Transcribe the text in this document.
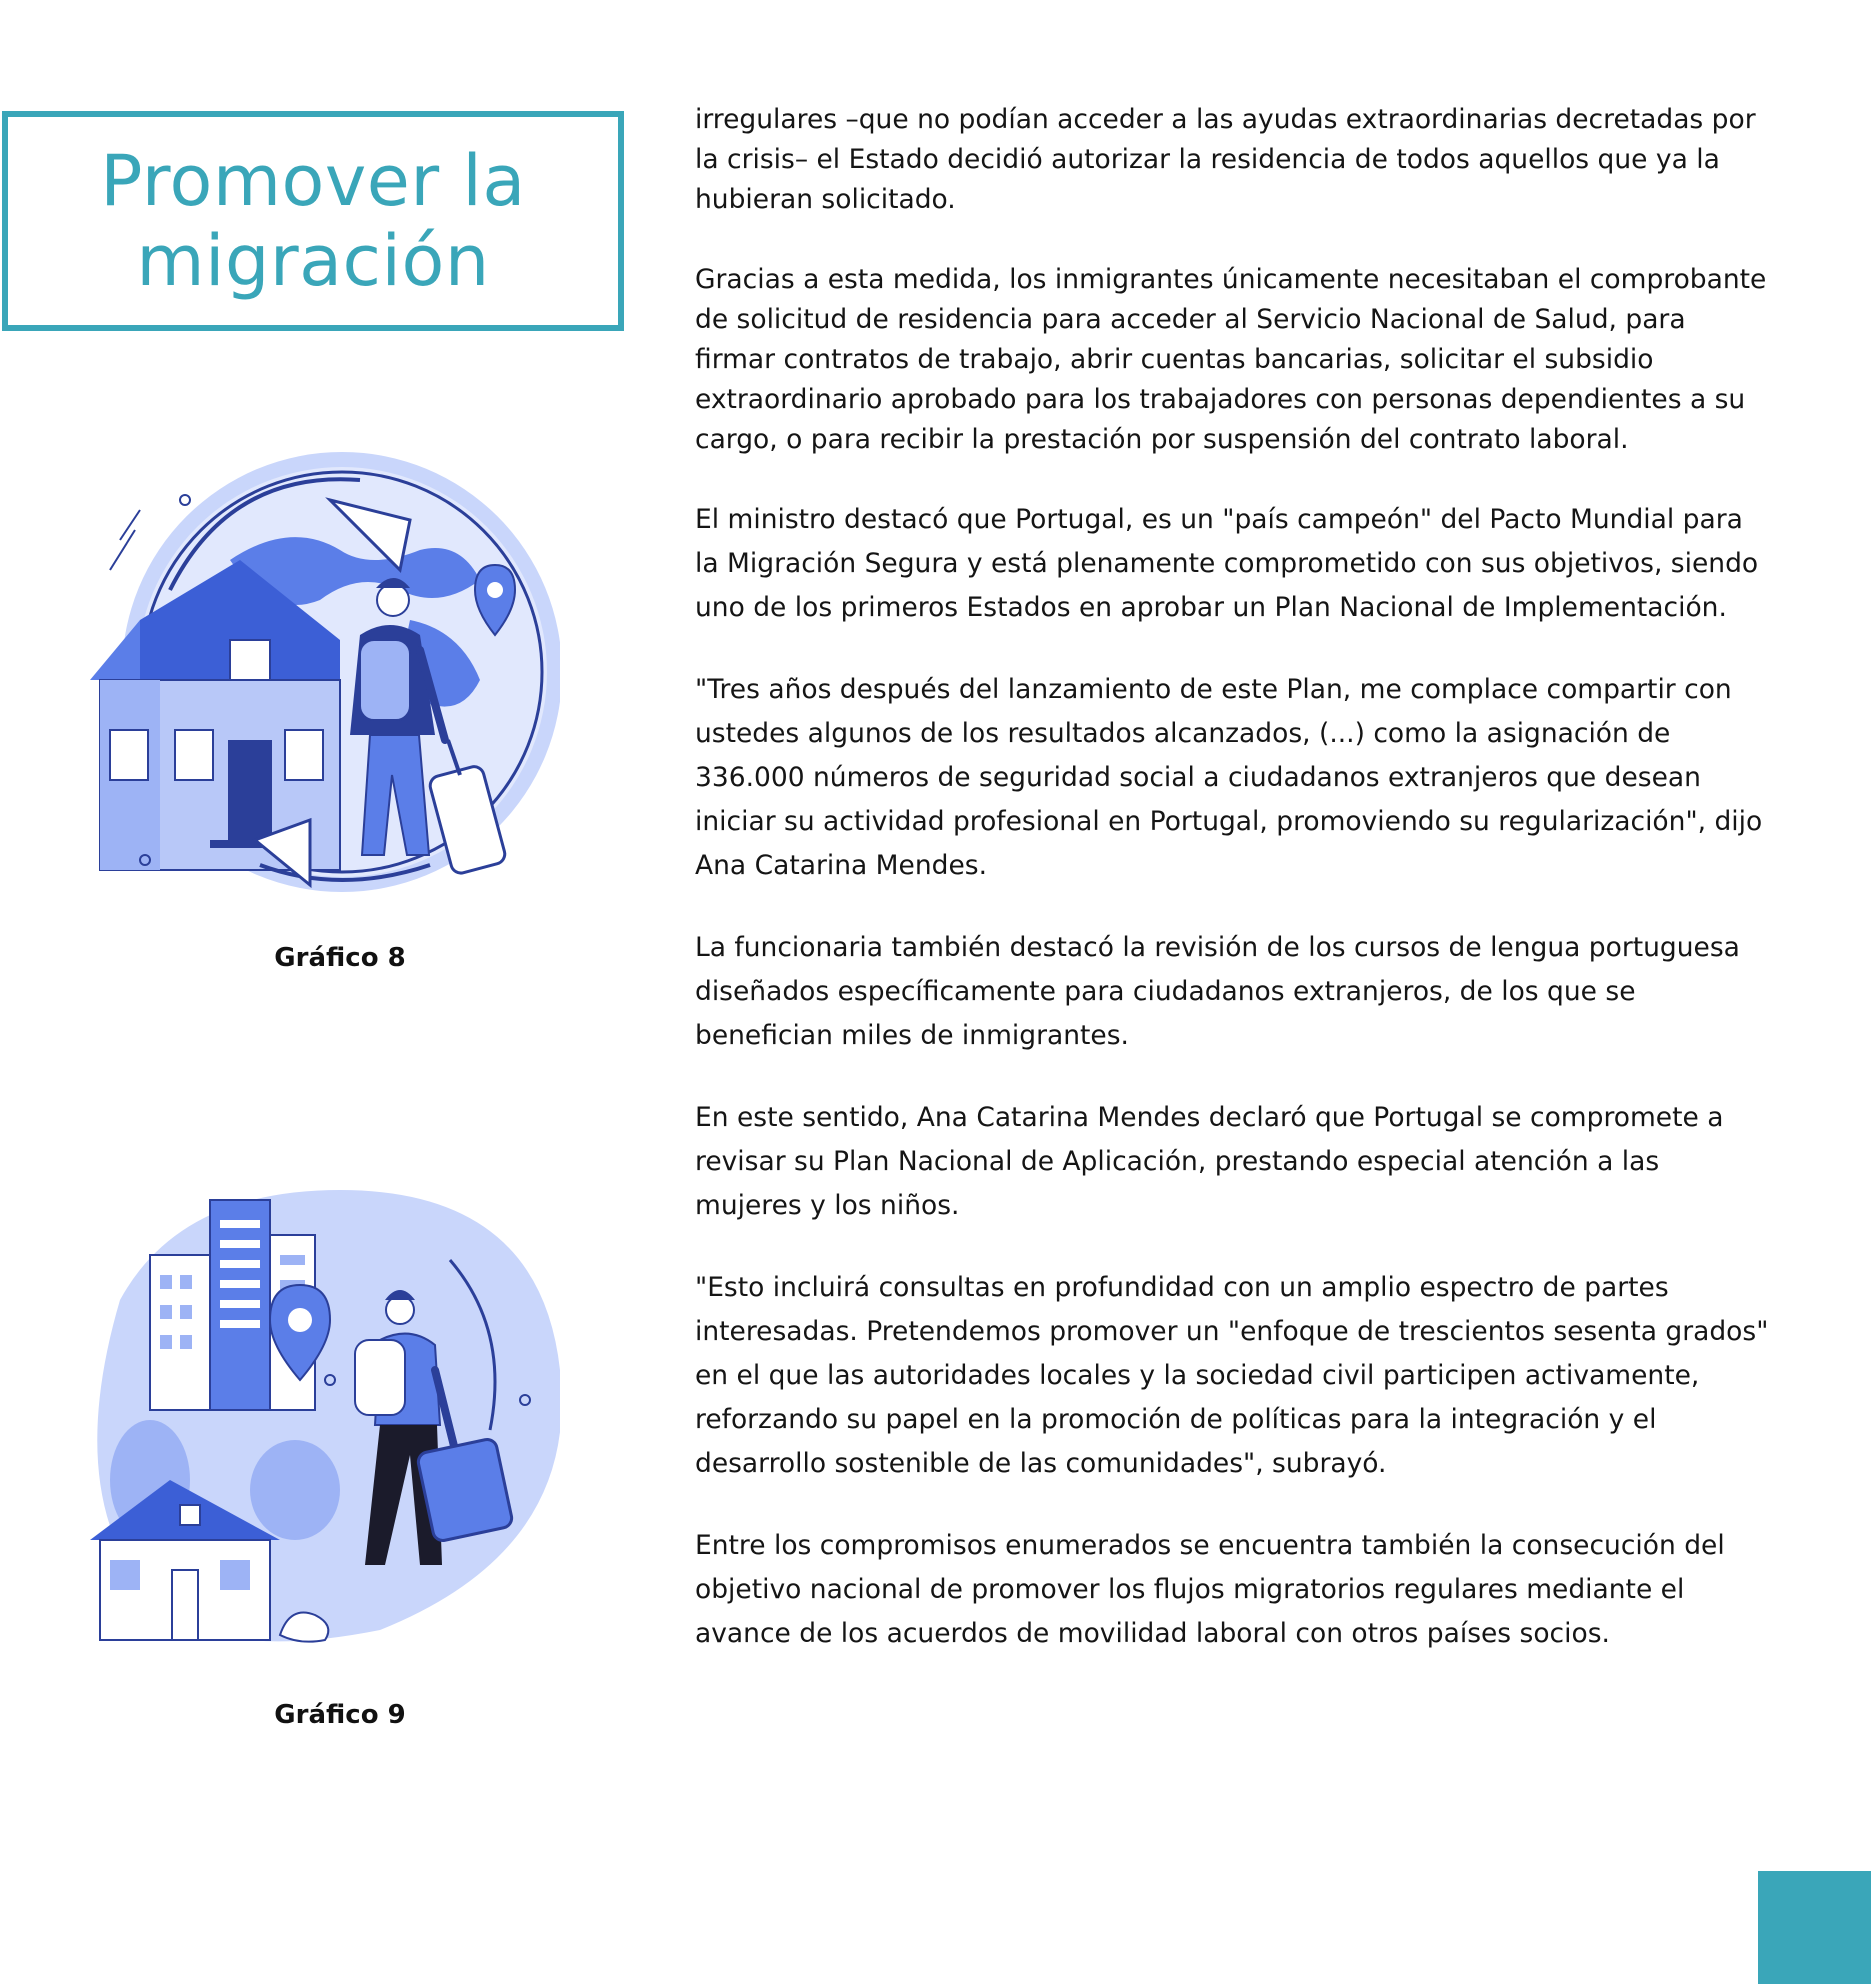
Promover la
migración
Gráfico 8
Gráfico 9

irregulares –que no podían acceder a las ayudas extraordinarias decretadas por la crisis– el Estado decidió autorizar la residencia de todos aquellos que ya la hubieran solicitado.

Gracias a esta medida, los inmigrantes únicamente necesitaban el comprobante de solicitud de residencia para acceder al Servicio Nacional de Salud, para firmar contratos de trabajo, abrir cuentas bancarias, solicitar el subsidio extraordinario aprobado para los trabajadores con personas dependientes a su cargo, o para recibir la prestación por suspensión del contrato laboral.

El ministro destacó que Portugal, es un "país campeón" del Pacto Mundial para la Migración Segura y está plenamente comprometido con sus objetivos, siendo uno de los primeros Estados en aprobar un Plan Nacional de Implementación.

"Tres años después del lanzamiento de este Plan, me complace compartir con ustedes algunos de los resultados alcanzados, (...) como la asignación de 336.000 números de seguridad social a ciudadanos extranjeros que desean iniciar su actividad profesional en Portugal, promoviendo su regularización", dijo Ana Catarina Mendes.

La funcionaria también destacó la revisión de los cursos de lengua portuguesa diseñados específicamente para ciudadanos extranjeros, de los que se benefician miles de inmigrantes.

En este sentido, Ana Catarina Mendes declaró que Portugal se compromete a revisar su Plan Nacional de Aplicación, prestando especial atención a las mujeres y los niños.

"Esto incluirá consultas en profundidad con un amplio espectro de partes interesadas. Pretendemos promover un "enfoque de trescientos sesenta grados" en el que las autoridades locales y la sociedad civil participen activamente, reforzando su papel en la promoción de políticas para la integración y el desarrollo sostenible de las comunidades", subrayó.

Entre los compromisos enumerados se encuentra también la consecución del objetivo nacional de promover los flujos migratorios regulares mediante el avance de los acuerdos de movilidad laboral con otros países socios.
